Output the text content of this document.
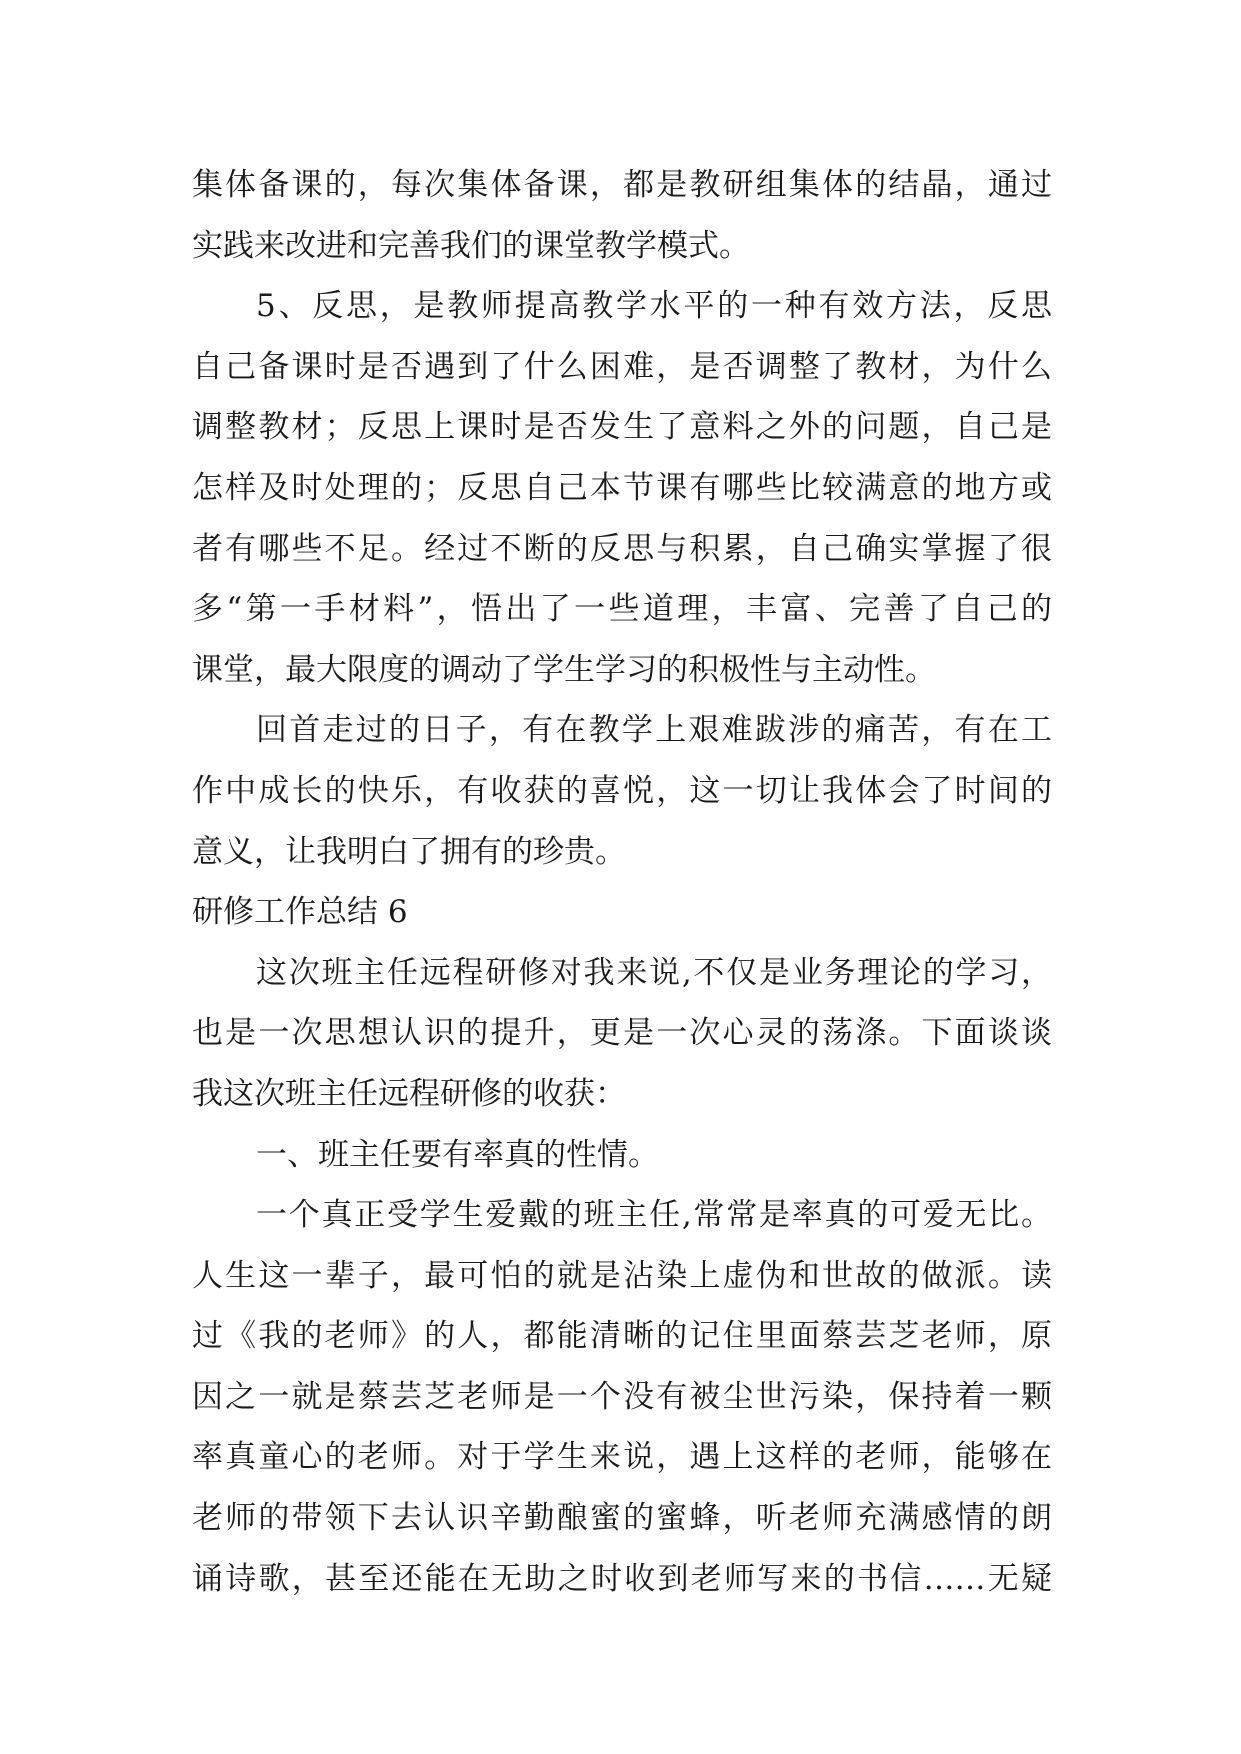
集体备课的，每次集体备课，都是教研组集体的结晶，通过
实践来改进和完善我们的课堂教学模式。
5、反思，是教师提高教学水平的一种有效方法，反思
自己备课时是否遇到了什么困难，是否调整了教材，为什么
调整教材；反思上课时是否发生了意料之外的问题，自己是
怎样及时处理的；反思自己本节课有哪些比较满意的地方或
者有哪些不足。经过不断的反思与积累，自己确实掌握了很
多“第一手材料”，悟出了一些道理，丰富、完善了自己的
课堂，最大限度的调动了学生学习的积极性与主动性。
回首走过的日子，有在教学上艰难跋涉的痛苦，有在工
作中成长的快乐，有收获的喜悦，这一切让我体会了时间的
意义，让我明白了拥有的珍贵。
研修工作总结 6
这次班主任远程研修对我来说,不仅是业务理论的学习，
也是一次思想认识的提升，更是一次心灵的荡涤。下面谈谈
我这次班主任远程研修的收获：
一、班主任要有率真的性情。
一个真正受学生爱戴的班主任,常常是率真的可爱无比。
人生这一辈子，最可怕的就是沾染上虚伪和世故的做派。读
过《我的老师》的人，都能清晰的记住里面蔡芸芝老师，原
因之一就是蔡芸芝老师是一个没有被尘世污染，保持着一颗
率真童心的老师。对于学生来说，遇上这样的老师，能够在
老师的带领下去认识辛勤酿蜜的蜜蜂，听老师充满感情的朗
诵诗歌，甚至还能在无助之时收到老师写来的书信……无疑
